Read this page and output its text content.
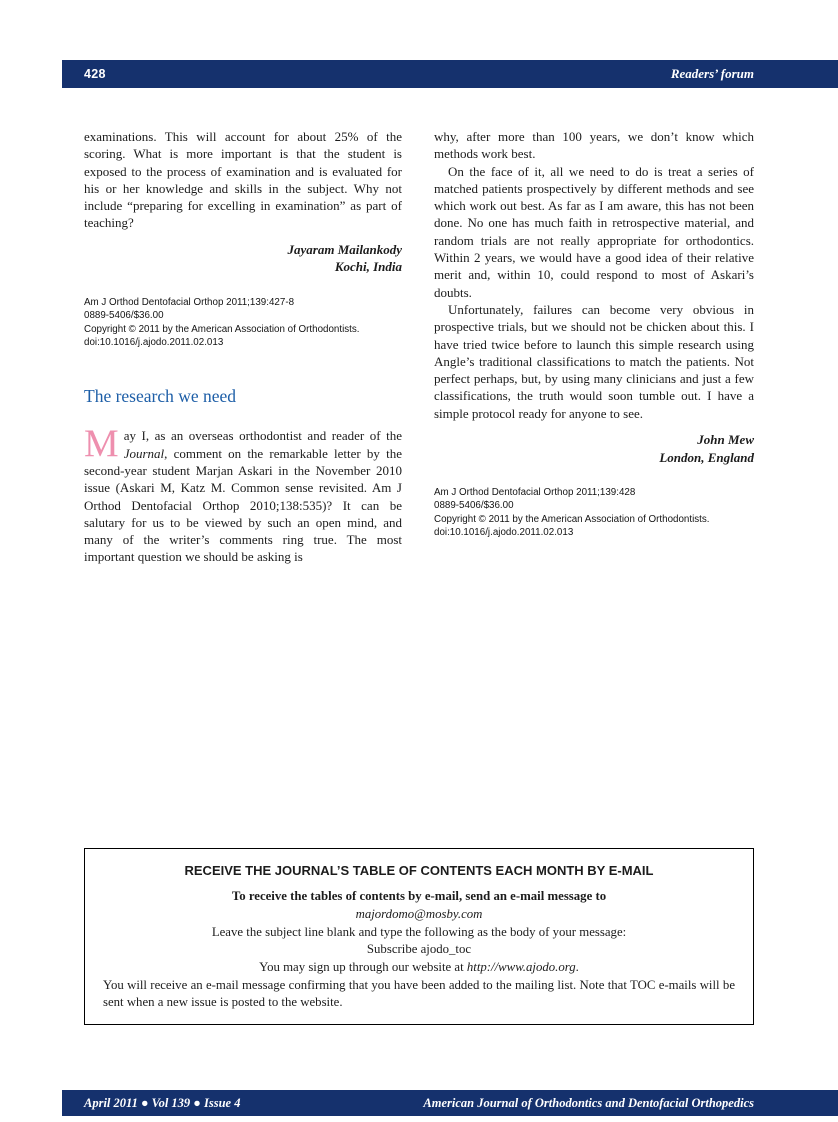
428	Readers’ forum

examinations. This will account for about 25% of the scoring. What is more important is that the student is exposed to the process of examination and is evaluated for his or her knowledge and skills in the subject. Why not include “preparing for excelling in examination” as part of teaching?

Jayaram Mailankody
Kochi, India
Am J Orthod Dentofacial Orthop 2011;139:427-8
0889-5406/$36.00
Copyright © 2011 by the American Association of Orthodontists.
doi:10.1016/j.ajodo.2011.02.013
The research we need

May I, as an overseas orthodontist and reader of the Journal, comment on the remarkable letter by the second-year student Marjan Askari in the November 2010 issue (Askari M, Katz M. Common sense revisited. Am J Orthod Dentofacial Orthop 2010;138:535)? It can be salutary for us to be viewed by such an open mind, and many of the writer’s comments ring true. The most important question we should be asking is

why, after more than 100 years, we don’t know which methods work best.

On the face of it, all we need to do is treat a series of matched patients prospectively by different methods and see which work out best. As far as I am aware, this has not been done. No one has much faith in retrospective material, and random trials are not really appropriate for orthodontics. Within 2 years, we would have a good idea of their relative merit and, within 10, could respond to most of Askari’s doubts.

Unfortunately, failures can become very obvious in prospective trials, but we should not be chicken about this. I have tried twice before to launch this simple research using Angle’s traditional classifications to match the patients. Not perfect perhaps, but, by using many clinicians and just a few classifications, the truth would soon tumble out. I have a simple protocol ready for anyone to see.

John Mew
London, England
Am J Orthod Dentofacial Orthop 2011;139:428
0889-5406/$36.00
Copyright © 2011 by the American Association of Orthodontists.
doi:10.1016/j.ajodo.2011.02.013
RECEIVE THE JOURNAL’S TABLE OF CONTENTS EACH MONTH BY E-MAIL
To receive the tables of contents by e-mail, send an e-mail message to
majordomo@mosby.com
Leave the subject line blank and type the following as the body of your message:
Subscribe ajodo_toc
You may sign up through our website at http://www.ajodo.org.
You will receive an e-mail message confirming that you have been added to the mailing list. Note that TOC e-mails will be sent when a new issue is posted to the website.
April 2011 ● Vol 139 ● Issue 4	American Journal of Orthodontics and Dentofacial Orthopedics
